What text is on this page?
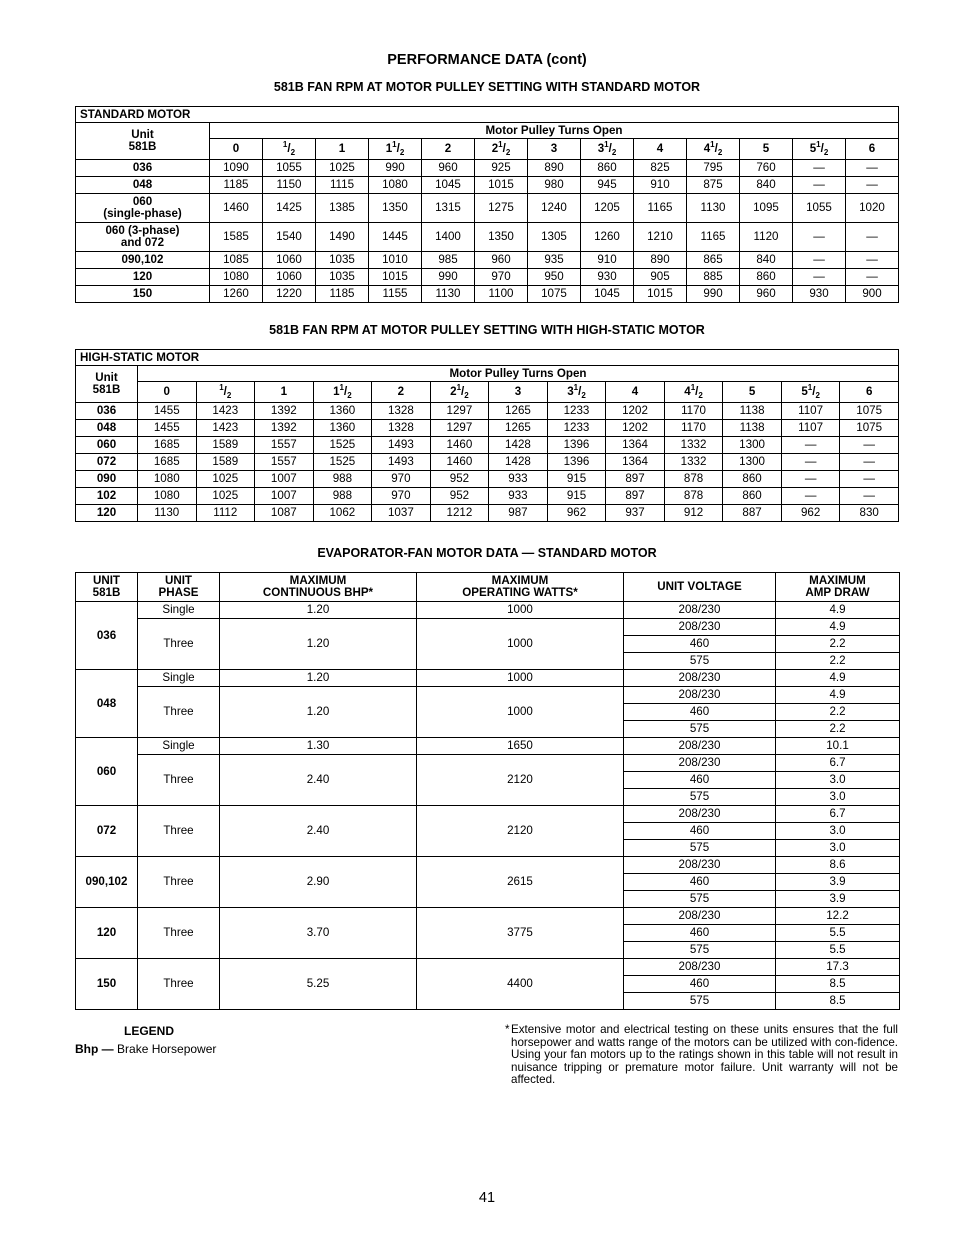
PERFORMANCE DATA (cont)
581B FAN RPM AT MOTOR PULLEY SETTING WITH STANDARD MOTOR
STANDARD MOTOR													
Unit
581B	Motor Pulley Turns Open												
	0	$^1/_2$	1	$1^1/_2$	2	$2^1/_2$	3	$3^1/_2$	4	$4^1/_2$	5	$5^1/_2$	6
036	1090	1055	1025	990	960	925	890	860	825	795	760	—	—
048	1185	1150	1115	1080	1045	1015	980	945	910	875	840	—	—
060
(single-phase)	1460	1425	1385	1350	1315	1275	1240	1205	1165	1130	1095	1055	1020
060 (3-phase)
and 072	1585	1540	1490	1445	1400	1350	1305	1260	1210	1165	1120	—	—
090,102	1085	1060	1035	1010	985	960	935	910	890	865	840	—	—
120	1080	1060	1035	1015	990	970	950	930	905	885	860	—	—
150	1260	1220	1185	1155	1130	1100	1075	1045	1015	990	960	930	900
581B FAN RPM AT MOTOR PULLEY SETTING WITH HIGH-STATIC MOTOR
HIGH-STATIC MOTOR													
Unit
581B	Motor Pulley Turns Open												
	0	$^1/_2$	1	$1^1/_2$	2	$2^1/_2$	3	$3^1/_2$	4	$4^1/_2$	5	$5^1/_2$	6
036	1455	1423	1392	1360	1328	1297	1265	1233	1202	1170	1138	1107	1075
048	1455	1423	1392	1360	1328	1297	1265	1233	1202	1170	1138	1107	1075
060	1685	1589	1557	1525	1493	1460	1428	1396	1364	1332	1300	—	—
072	1685	1589	1557	1525	1493	1460	1428	1396	1364	1332	1300	—	—
090	1080	1025	1007	988	970	952	933	915	897	878	860	—	—
102	1080	1025	1007	988	970	952	933	915	897	878	860	—	—
120	1130	1112	1087	1062	1037	1212	987	962	937	912	887	962	830
EVAPORATOR-FAN MOTOR DATA — STANDARD MOTOR
UNIT
581B	UNIT
PHASE	MAXIMUM
CONTINUOUS BHP*	MAXIMUM
OPERATING WATTS*	UNIT VOLTAGE	MAXIMUM
AMP DRAW
036	Single	1.20	1000	208/230	4.9
	Three	1.20	1000	208/230	4.9
				460	2.2
				575	2.2
048	Single	1.20	1000	208/230	4.9
	Three	1.20	1000	208/230	4.9
				460	2.2
				575	2.2
060	Single	1.30	1650	208/230	10.1
	Three	2.40	2120	208/230	6.7
				460	3.0
				575	3.0
072	Three	2.40	2120	208/230	6.7
				460	3.0
				575	3.0
090,102	Three	2.90	2615	208/230	8.6
				460	3.9
				575	3.9
120	Three	3.70	3775	208/230	12.2
				460	5.5
				575	5.5
150	Three	5.25	4400	208/230	17.3
				460	8.5
				575	8.5
LEGEND
Bhp — Brake Horsepower
* Extensive motor and electrical testing on these units ensures that the full horsepower and watts range of the motors can be utilized with con-fidence. Using your fan motors up to the ratings shown in this table will not result in nuisance tripping or premature motor failure. Unit warranty will not be affected.
41
